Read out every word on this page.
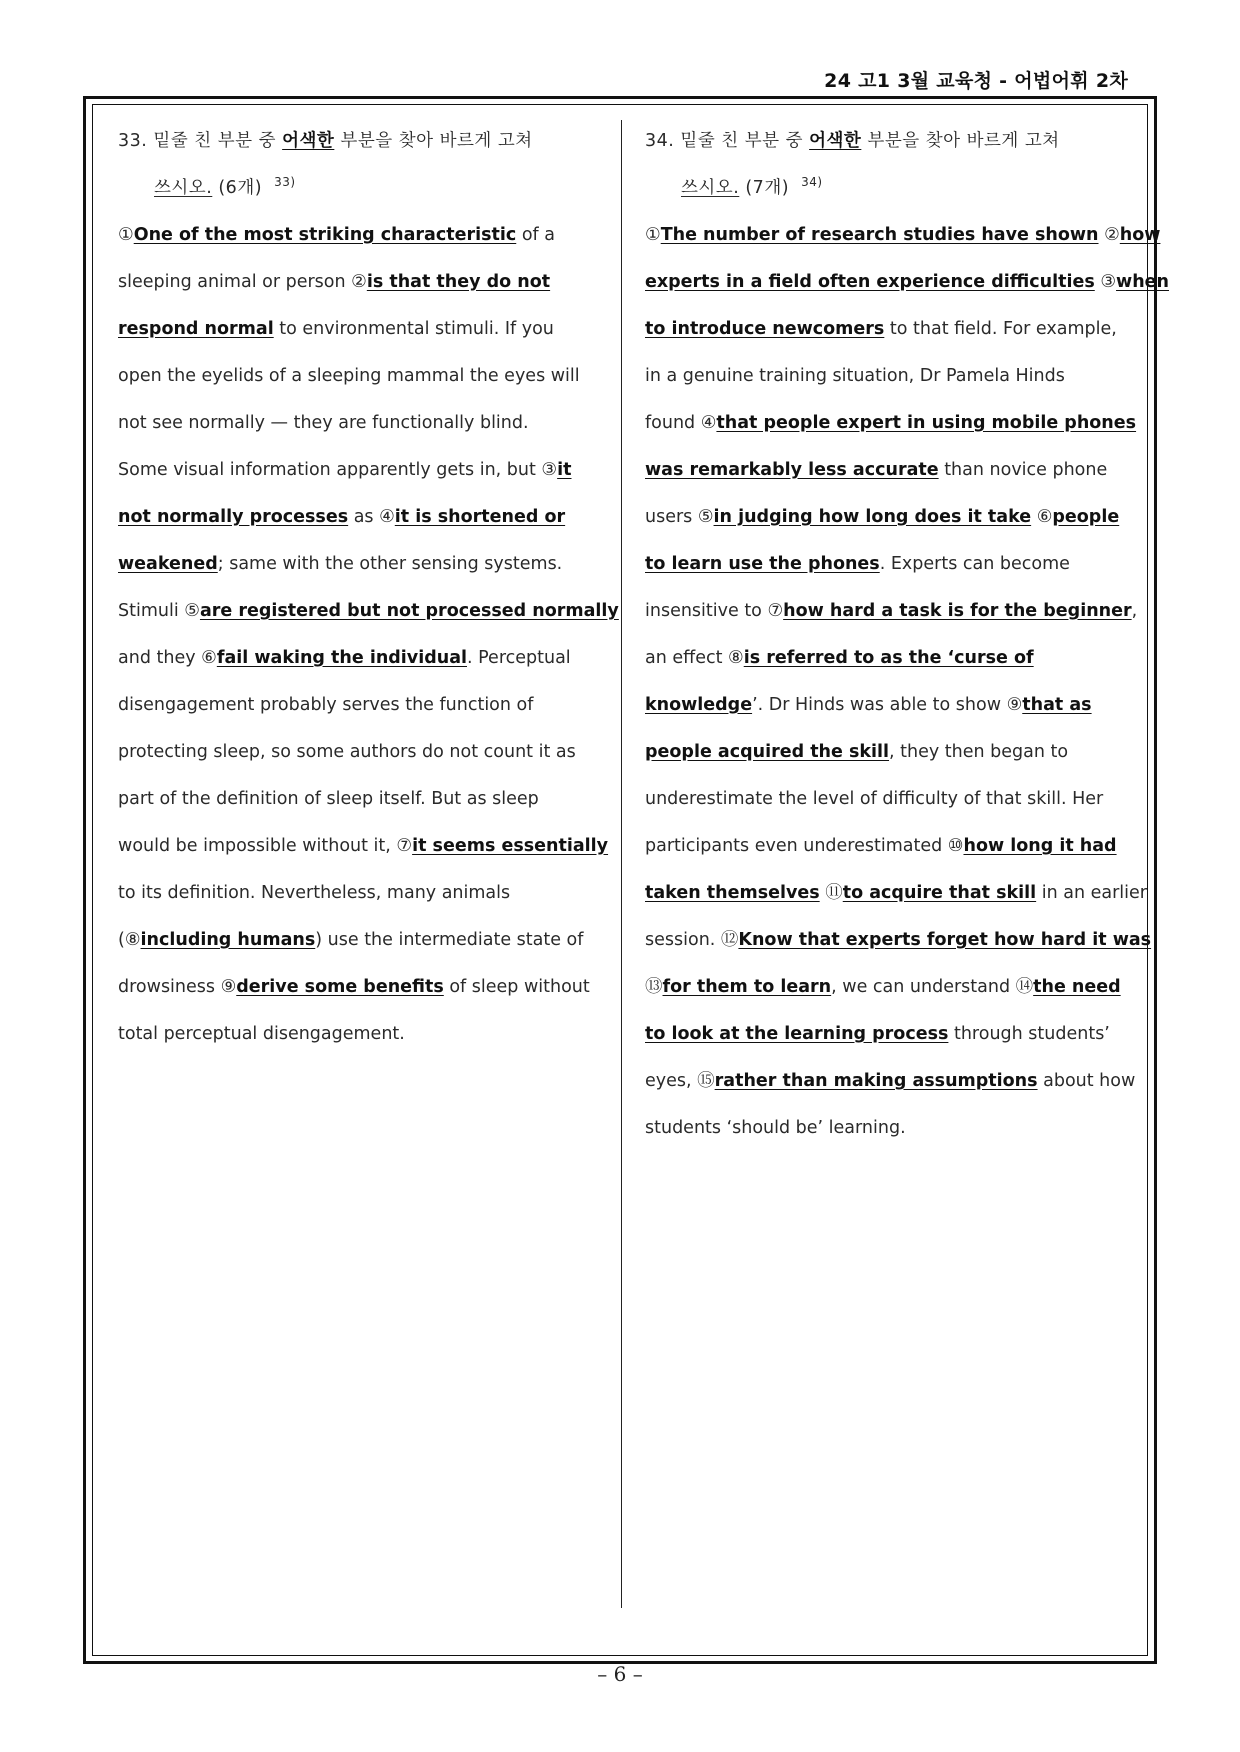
24 고1 3월 교육청 - 어법어휘 2차
33. 밑줄 친 부분 중 어색한 부분을 찾아 바르게 고쳐
쓰시오. (6개) $^{33)}$
①One of the most striking characteristic of a
sleeping animal or person ②is that they do not
respond normal to environmental stimuli. If you
open the eyelids of a sleeping mammal the eyes will
not see normally — they are functionally blind.
Some visual information apparently gets in, but ③it
not normally processes as ④it is shortened or
weakened; same with the other sensing systems.
Stimuli ⑤are registered but not processed normally
and they ⑥fail waking the individual. Perceptual
disengagement probably serves the function of
protecting sleep, so some authors do not count it as
part of the definition of sleep itself. But as sleep
would be impossible without it, ⑦it seems essentially
to its definition. Nevertheless, many animals
(⑧including humans) use the intermediate state of
drowsiness ⑨derive some benefits of sleep without
total perceptual disengagement.
34. 밑줄 친 부분 중 어색한 부분을 찾아 바르게 고쳐
쓰시오. (7개) $^{34)}$
①The number of research studies have shown ②how
experts in a field often experience difficulties ③when
to introduce newcomers to that field. For example,
in a genuine training situation, Dr Pamela Hinds
found ④that people expert in using mobile phones
was remarkably less accurate than novice phone
users ⑤in judging how long does it take ⑥people
to learn use the phones. Experts can become
insensitive to ⑦how hard a task is for the beginner,
an effect ⑧is referred to as the ‘curse of
knowledge’. Dr Hinds was able to show ⑨that as
people acquired the skill, they then began to
underestimate the level of difficulty of that skill. Her
participants even underestimated ⑩how long it had
taken themselves ⑪to acquire that skill in an earlier
session. ⑫Know that experts forget how hard it was
⑬for them to learn, we can understand ⑭the need
to look at the learning process through students’
eyes, ⑮rather than making assumptions about how
students ‘should be’ learning.
– 6 –
